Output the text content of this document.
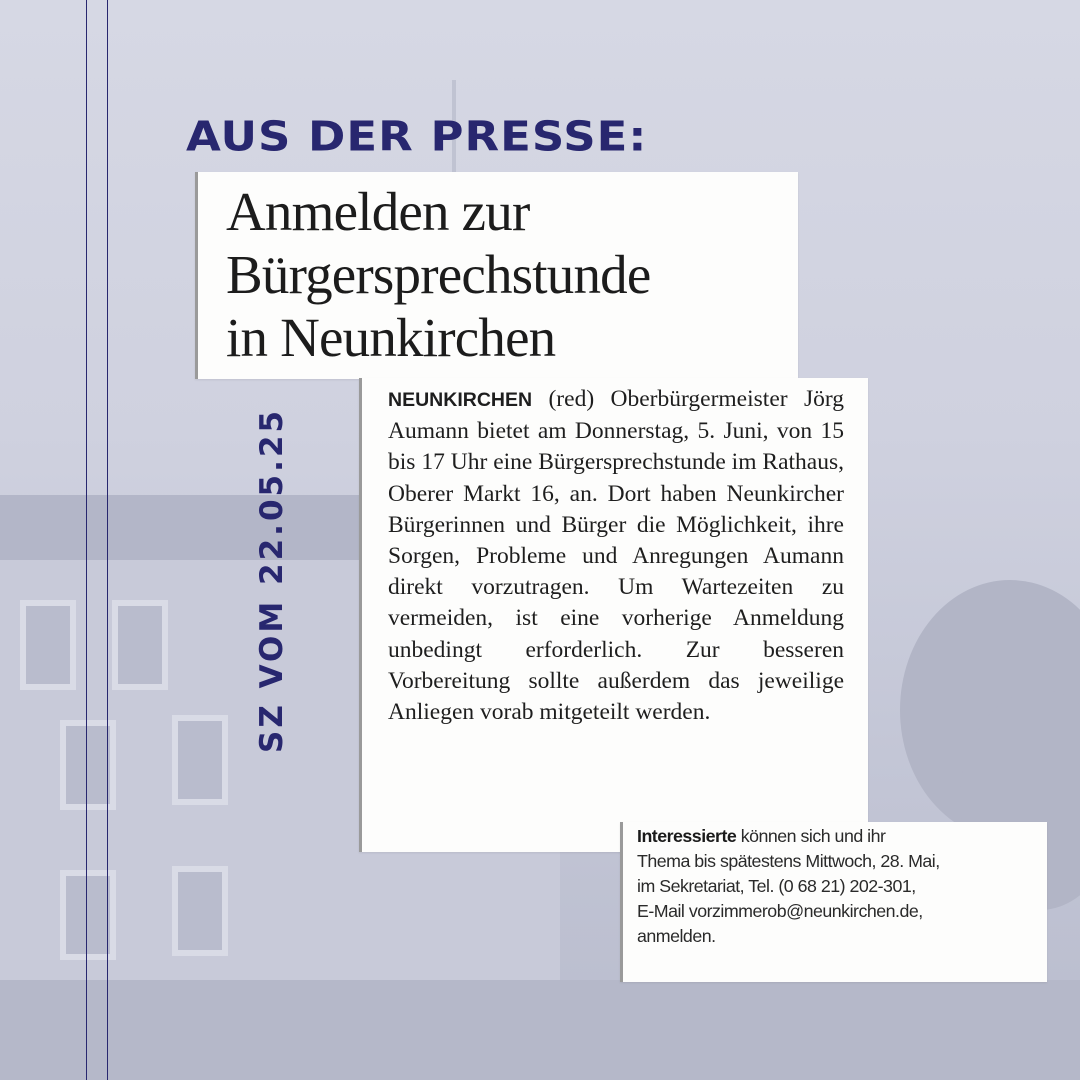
AUS DER PRESSE:
SZ VOM 22.05.25
Anmelden zur
Bürgersprechstunde
in Neunkirchen

NEUNKIRCHEN (red) Oberbürgermeister Jörg Aumann bietet am Donnerstag, 5. Juni, von 15 bis 17 Uhr eine Bürgersprechstunde im Rathaus, Oberer Markt 16, an. Dort haben Neunkircher Bürgerinnen und Bürger die Möglichkeit, ihre Sorgen, Probleme und Anregungen Aumann direkt vorzutragen. Um Wartezeiten zu vermeiden, ist eine vorherige Anmeldung unbedingt erforderlich. Zur besseren Vorbereitung sollte außerdem das jeweilige Anliegen vorab mitgeteilt werden.

Interessierte können sich und ihr
Thema bis spätestens Mittwoch, 28. Mai,
im Sekretariat, Tel. (0 68 21) 202-301,
E-Mail vorzimmerob@neunkirchen.de,
anmelden.
